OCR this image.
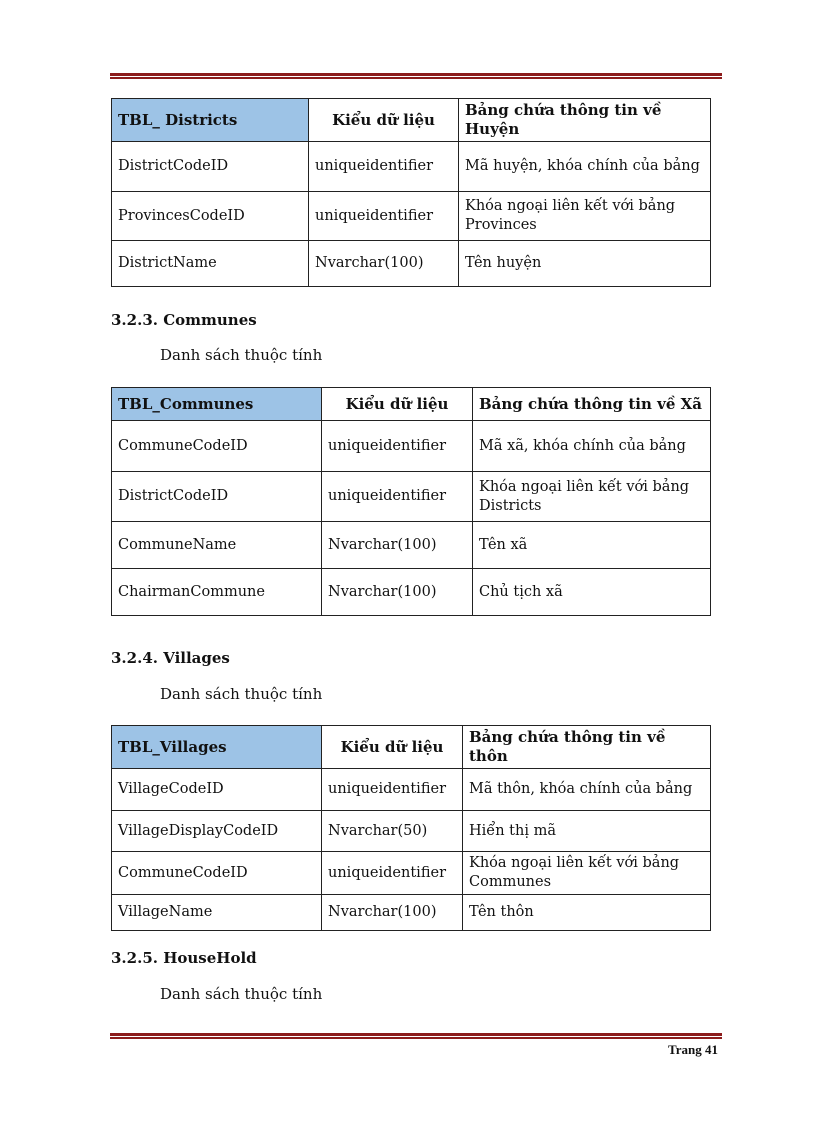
TBL_ Districts	Kiểu dữ liệu	Bảng chứa thông tin về Huyện
DistrictCodeID	uniqueidentifier	Mã huyện, khóa chính của bảng
ProvincesCodeID	uniqueidentifier	Khóa ngoại liên kết với bảng Provinces
DistrictName	Nvarchar(100)	Tên huyện
3.2.3. Communes
Danh sách thuộc tính
TBL_Communes	Kiểu dữ liệu	Bảng chứa thông tin về Xã
CommuneCodeID	uniqueidentifier	Mã xã, khóa chính của bảng
DistrictCodeID	uniqueidentifier	Khóa ngoại liên kết với bảng Districts
CommuneName	Nvarchar(100)	Tên xã
ChairmanCommune	Nvarchar(100)	Chủ tịch xã
3.2.4. Villages
Danh sách thuộc tính
TBL_Villages	Kiểu dữ liệu	Bảng chứa thông tin về thôn
VillageCodeID	uniqueidentifier	Mã thôn, khóa chính của bảng
VillageDisplayCodeID	Nvarchar(50)	Hiển thị mã
CommuneCodeID	uniqueidentifier	Khóa ngoại liên kết với bảng Communes
VillageName	Nvarchar(100)	Tên thôn
3.2.5. HouseHold
Danh sách thuộc tính
Trang 41
